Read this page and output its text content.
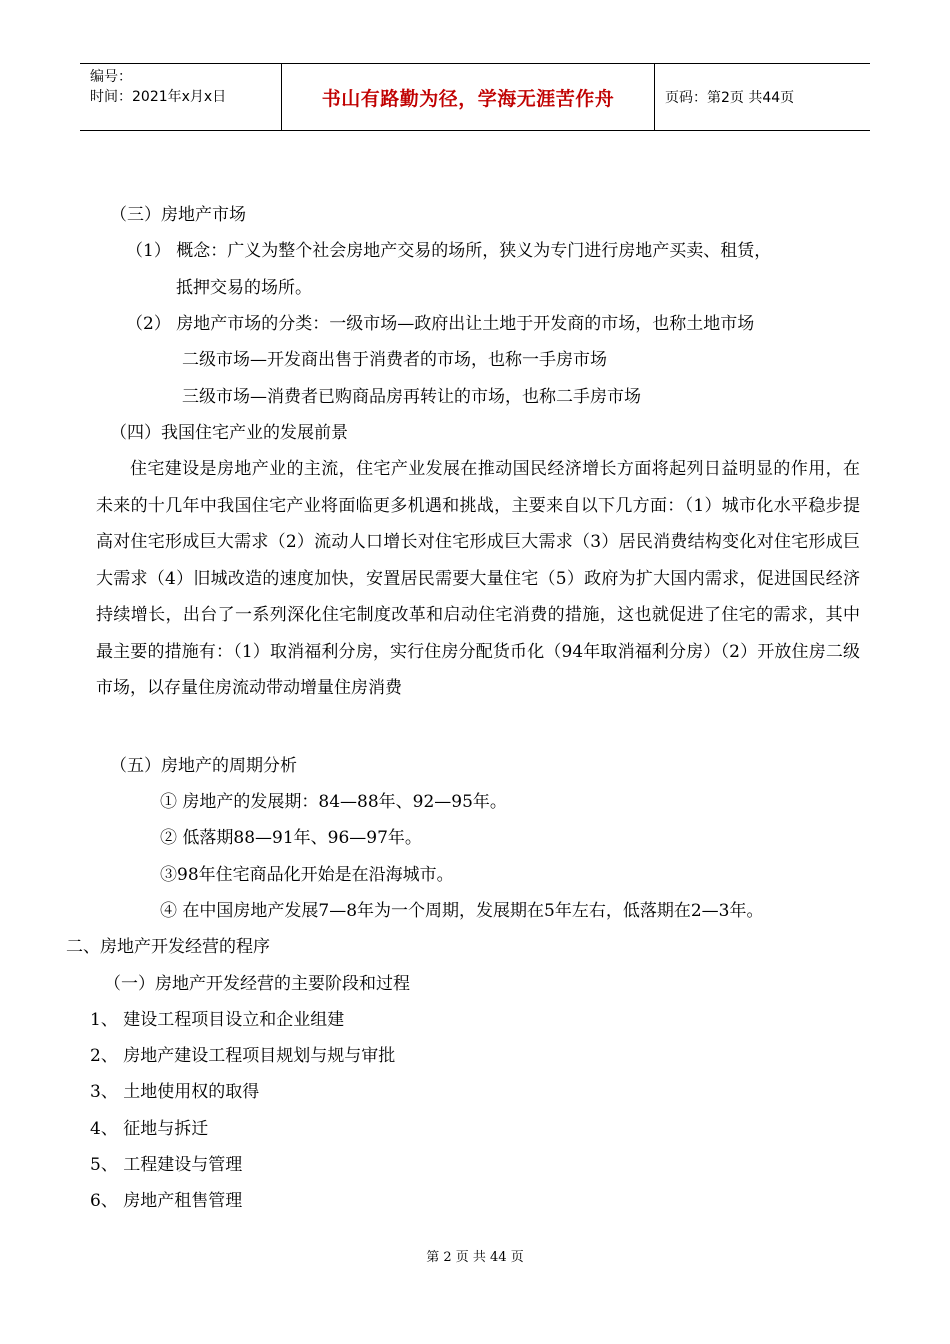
编号：
时间：2021年x月x日	书山有路勤为径，学海无涯苦作舟	页码：第2页 共44页
（三）房地产市场
（1） 概念：广义为整个社会房地产交易的场所，狭义为专门进行房地产买卖、租赁，
抵押交易的场所。
（2） 房地产市场的分类：一级市场—政府出让土地于开发商的市场，也称土地市场
二级市场—开发商出售于消费者的市场，也称一手房市场
三级市场—消费者已购商品房再转让的市场，也称二手房市场
（四）我国住宅产业的发展前景
住宅建设是房地产业的主流，住宅产业发展在推动国民经济增长方面将起列日益明显的作用，在未来的十几年中我国住宅产业将面临更多机遇和挑战，主要来自以下几方面：（1）城市化水平稳步提高对住宅形成巨大需求（2）流动人口增长对住宅形成巨大需求（3）居民消费结构变化对住宅形成巨大需求（4）旧城改造的速度加快，安置居民需要大量住宅（5）政府为扩大国内需求，促进国民经济持续增长，出台了一系列深化住宅制度改革和启动住宅消费的措施，这也就促进了住宅的需求，其中最主要的措施有：（1）取消福利分房，实行住房分配货币化（94年取消福利分房）（2）开放住房二级市场，以存量住房流动带动增量住房消费
（五）房地产的周期分析
① 房地产的发展期：84—88年、92—95年。
② 低落期88—91年、96—97年。
③98年住宅商品化开始是在沿海城市。
④ 在中国房地产发展7—8年为一个周期，发展期在5年左右，低落期在2—3年。
二、房地产开发经营的程序
（一）房地产开发经营的主要阶段和过程
1、 建设工程项目设立和企业组建
2、 房地产建设工程项目规划与规与审批
3、 土地使用权的取得
4、 征地与拆迁
5、 工程建设与管理
6、 房地产租售管理
第 2 页 共 44 页
